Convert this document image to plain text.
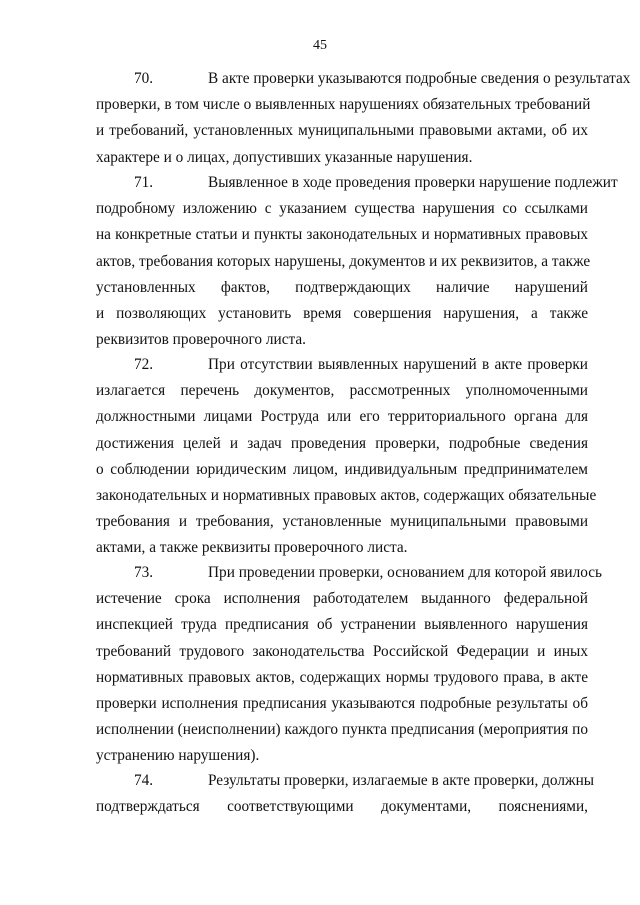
45
70.	В акте проверки указываются подробные сведения о результатах
проверки, в том числе о выявленных нарушениях обязательных требований
и требований, установленных муниципальными правовыми актами, об их
характере и о лицах, допустивших указанные нарушения.
71.	Выявленное в ходе проведения проверки нарушение подлежит
подробному изложению с указанием существа нарушения со ссылками
на конкретные статьи и пункты законодательных и нормативных правовых
актов, требования которых нарушены, документов и их реквизитов, а также
установленных фактов, подтверждающих наличие нарушений
и позволяющих установить время совершения нарушения, а также
реквизитов проверочного листа.
72.	При отсутствии выявленных нарушений в акте проверки
излагается перечень документов, рассмотренных уполномоченными
должностными лицами Роструда или его территориального органа для
достижения целей и задач проведения проверки, подробные сведения
о соблюдении юридическим лицом, индивидуальным предпринимателем
законодательных и нормативных правовых актов, содержащих обязательные
требования и требования, установленные муниципальными правовыми
актами, а также реквизиты проверочного листа.
73.	При проведении проверки, основанием для которой явилось
истечение срока исполнения работодателем выданного федеральной
инспекцией труда предписания об устранении выявленного нарушения
требований трудового законодательства Российской Федерации и иных
нормативных правовых актов, содержащих нормы трудового права, в акте
проверки исполнения предписания указываются подробные результаты об
исполнении (неисполнении) каждого пункта предписания (мероприятия по
устранению нарушения).
74.	Результаты проверки, излагаемые в акте проверки, должны
подтверждаться соответствующими документами, пояснениями,
